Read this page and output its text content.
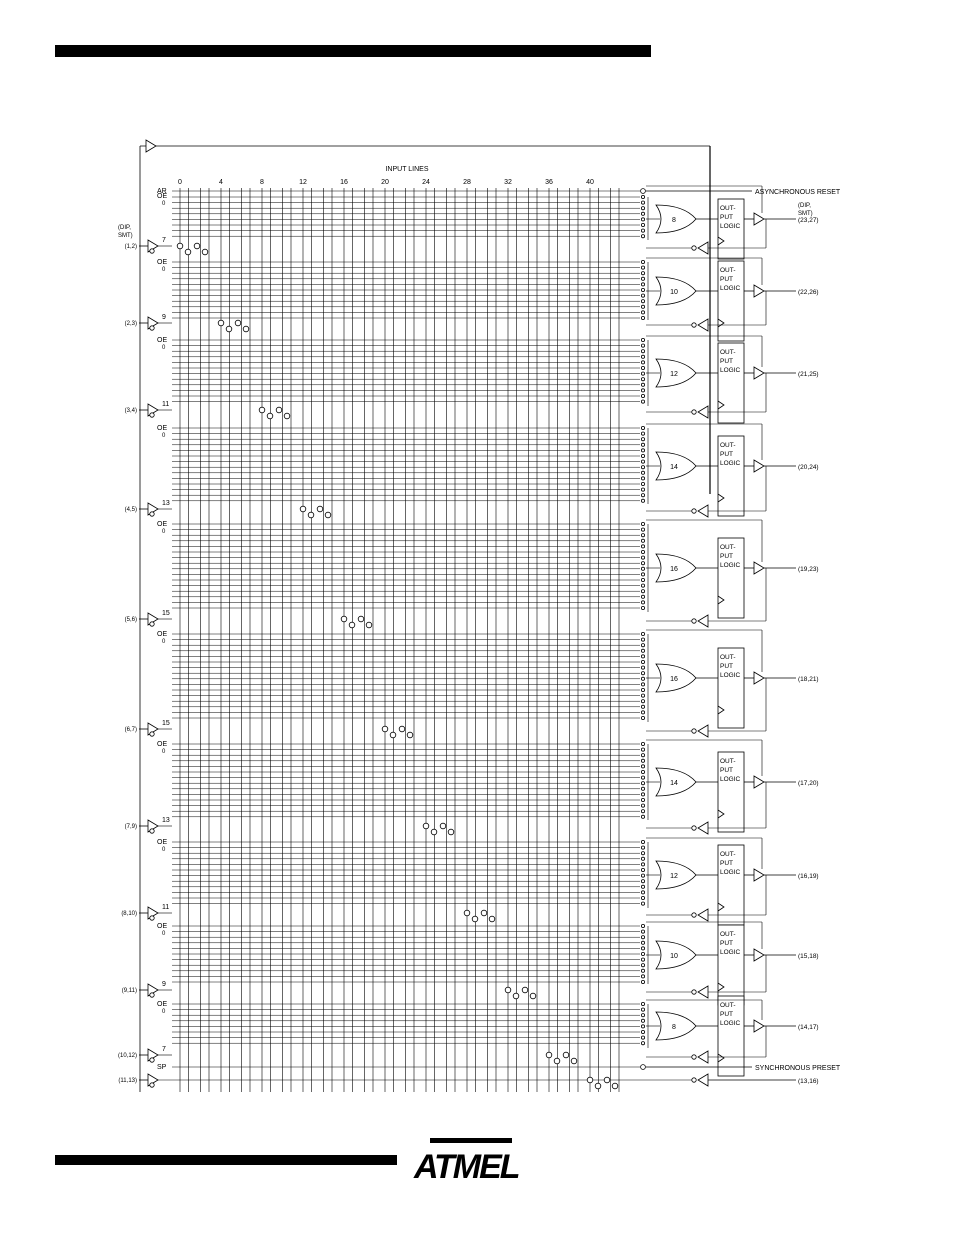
0	4	8	12	16	20	24	28	32	36	40
INPUT LINES
AR	ASYNCHRONOUS RESET
(DIP,
SMT)
(DIP,
SMT)
OE
0
7
(1,2)
8
OUT-
PUT
LOGIC
(23,27)
OE
0
9
(2,3)
10
OUT-
PUT
LOGIC
(22,26)
OE
0
11
(3,4)
12
OUT-
PUT
LOGIC
(21,25)
OE
0
13
(4,5)
14
OUT-
PUT
LOGIC
(20,24)
OE
0
15
(5,6)
16
OUT-
PUT
LOGIC
(19,23)
OE
0
15
(6,7)
16
OUT-
PUT
LOGIC
(18,21)
OE
0
13
(7,9)
14
OUT-
PUT
LOGIC
(17,20)
OE
0
11
(8,10)
12
OUT-
PUT
LOGIC
(16,19)
OE
0
9
(9,11)
10
OUT-
PUT
LOGIC
(15,18)
OE
0
7
(10,12)
8
OUT-
PUT
LOGIC
(14,17)
SP	SYNCHRONOUS PRESET
(11,13)	(13,16)
ATMEL
